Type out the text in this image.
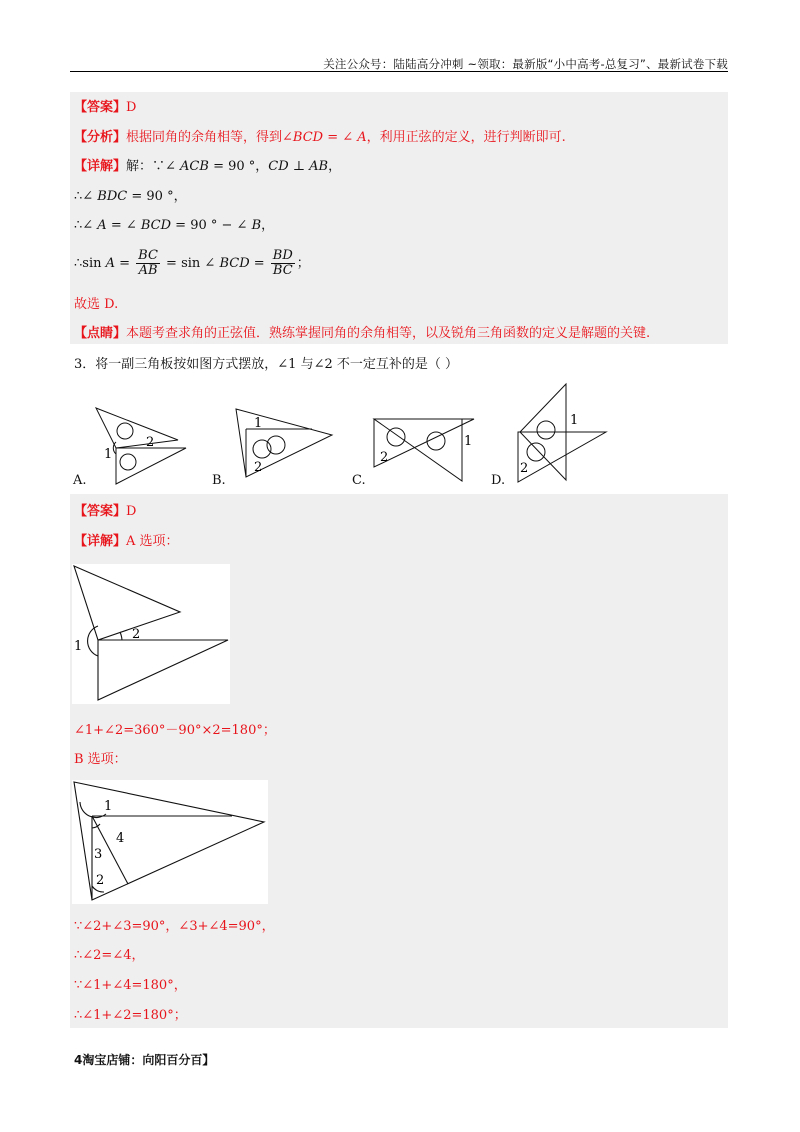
关注公众号：陆陆高分冲刺 ~领取：最新版“小中高考-总复习”、最新试卷下载
【答案】D
【分析】根据同角的余角相等，得到∠BCD = ∠ A，利用正弦的定义，进行判断即可.
【详解】解：∵∠ ACB = 90 °，CD ⊥ AB，
∴∠ BDC = 90 °，
∴∠ A = ∠ BCD = 90 ° − ∠ B，
∴sin $A = \frac{BC}{AB} = \sin$ ∠ BCD = $\frac{BD}{BC}$ ；
故选 D.
【点睛】本题考查求角的正弦值．熟练掌握同角的余角相等，以及锐角三角函数的定义是解题的关键.
3．将一副三角板按如图方式摆放，∠1 与∠2 不一定互补的是（ ）
2
1
A.
1
2
B.
1
2
C.
1
2
D.
【答案】D
【详解】A 选项：
2
1
∠1+∠2=360°－90°×2=180°；
B 选项：
1
4
3
2
∵∠2+∠3=90°，∠3+∠4=90°，
∴∠2=∠4，
∵∠1+∠4=180°，
∴∠1+∠2=180°；
4淘宝店铺：向阳百分百】
